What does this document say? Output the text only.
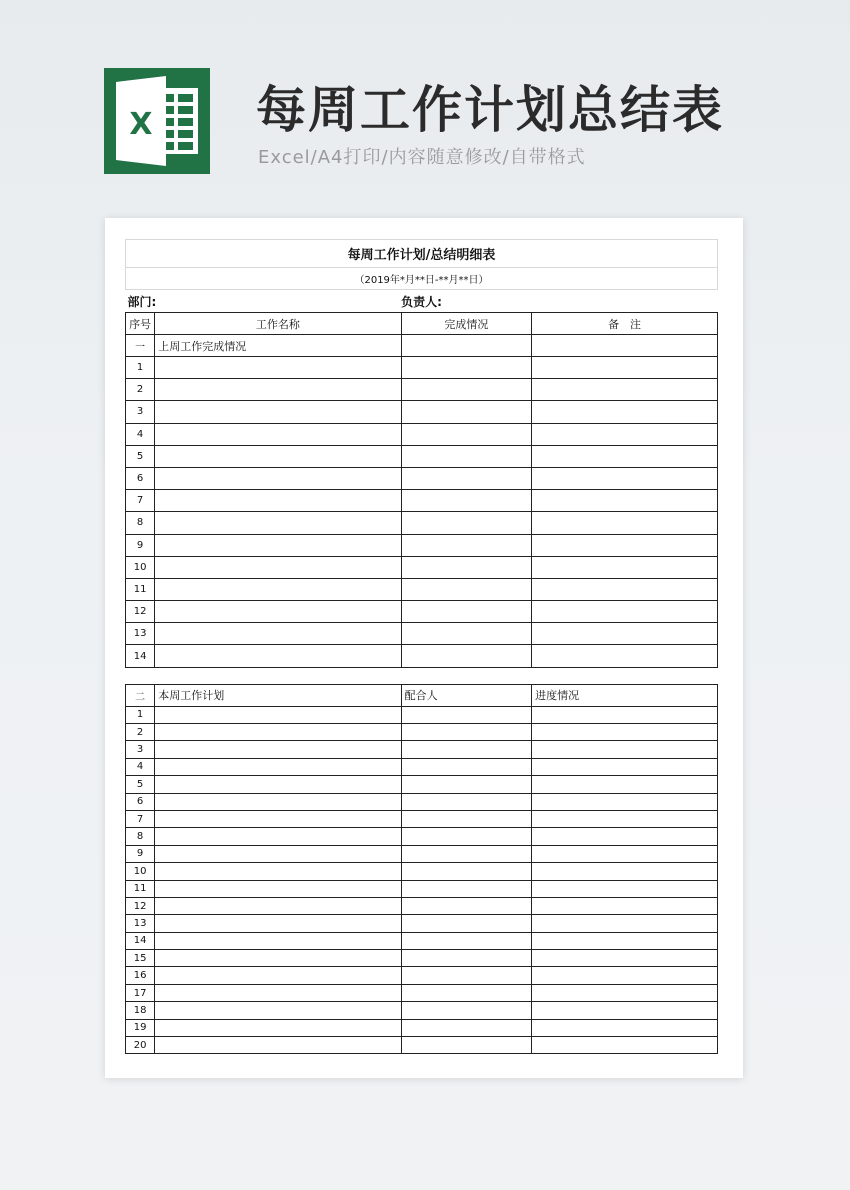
X 每周工作计划总结表
Excel/A4打印/内容随意修改/自带格式
每周工作计划/总结明细表
（2019年*月**日-**月**日）
部门:	负责人:
序号	工作名称	完成情况	备　注
一	上周工作完成情况		
1			
2			
3			
4			
5			
6			
7			
8			
9			
10			
11			
12			
13			
14			
二	本周工作计划	配合人	进度情况
1			
2			
3			
4			
5			
6			
7			
8			
9			
10			
11			
12			
13			
14			
15			
16			
17			
18			
19			
20			
